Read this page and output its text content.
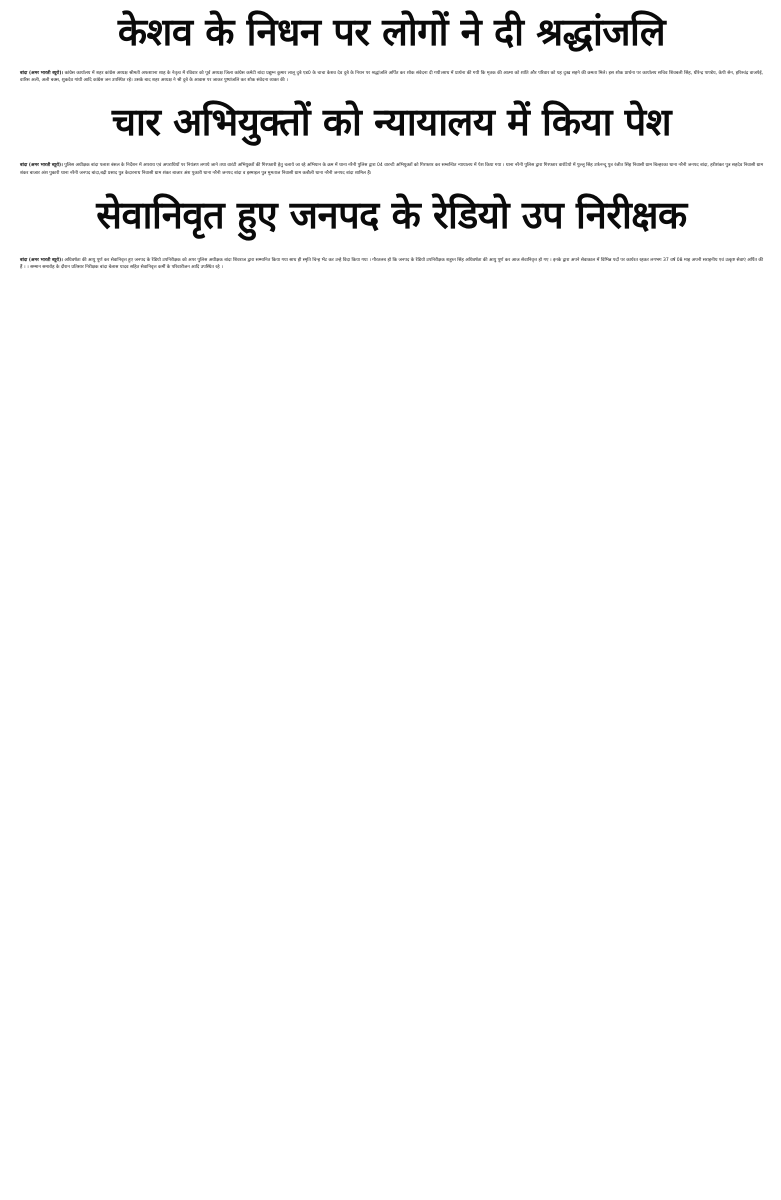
केशव के निधन पर लोगों ने दी श्रद्धांजलि

बांदा (अमर भारती ब्यूरो)। कांग्रेस कार्यालय में शहर कांग्रेस अध्यक्ष श्रीमती अफशााना शाह के नेतृत्व में रविवार को पूर्व अध्यक्ष जिला कांग्रेस कमेटी बांदा प्रद्युम्न कुमार लालू दुबे एड0 के चाचा केशव देव दुबे के निधन पर श्रद्धांजलि अर्पित कर शोक संवेदना दी गयी।साथ में प्रार्थना की गयी कि मृतक की आत्मा को शांति और परिवार को यह दुःख सहने की छमता मिले। इस शोक प्रार्थना पर कार्यालय सचिव शिवबली सिंह, धीरेन्द्र पाण्डेय, केपी सेन, हरिश्चंद्र वाजपेई, वारिस अली, अली बक्स, शुकदेव गांधी आदि कांग्रेस जन उपस्थित रहे। उसके बाद शहर अध्यक्ष ने श्री दुबे के आवास पर जाकर पुष्पांजलि कर शोक संवेदना व्यक्त की ।

चार अभियुक्तों को न्यायालय में किया पेश

बांदा (अमर भारती ब्यूरो)। पुलिस अधीक्षक बांदा पलाश बंसल के निर्देशन में अपराध एवं अपराधियों पर नियंत्रण लगाये जाने तथा वारंटी अभियुक्तों की गिरफ्तारी हेतु चलाये जा रहे अभियान के क्रम में थाना नरैनी पुलिस द्वारा 04 वारन्टी अभियुक्तों को गिरफ्तार कर सम्बन्धित न्यायालय में पेश किया गया । थाना नरैनी पुलिस द्वारा गिरफ्तार वारंटियो में पुल्लू सिंह उर्फनन्दू पुत्र रंजीत सिंह निवासी ग्राम बिल्हरका थाना नरैनी जनपद बांदा, हरीशंकर पुत्र सहदेव निवासी ग्राम शंकर बाजार अंश पुकारी थाना नरैनी जनपद बांदा,बद्री प्रसाद पुत्र केदारनाथ निवासी ग्राम शंकर बाजार अंश पुकारी थाना नरैनी जनपद बांदा व इस्माइल पुत्र मुमताज निवासी ग्राम कबौली थाना नरैनी जनपद बांदा शामिल हैं।

सेवानिवृत हुए जनपद के रेडियो उप निरीक्षक

बांदा (अमर भारती ब्यूरो)। अधिवर्षता की आयु पूर्ण कर सेवानिवृत्त हुए जनपद के रेडियो उपनिरीक्षक को अपर पुलिस अधीक्षक बांदा शिवराज द्वारा सम्मानित किया गया साथ ही स्मृति चिन्ह भेंट कर उन्हे विदा किया गया । गौरतलब हो कि जनपद के रेडियो उपनिरीक्षक शत्रुघ्न सिंह अधिवर्षता की आयु पूर्ण कर आज सेवानिवृत्त हो गए । इनके द्वारा अपने सेवाकाल में विभिन्न पदों पर कार्यरत रहकर लगभग 37 वर्ष 08 माह अपनी सराहनीय एवं उत्कृष्ट सेवाएं अर्पित की हैं । । सम्मान समारोह के दौरान प्रतिसार निरीक्षक बांदा बेलास यादव सहित सेवानिवृत्त कर्मी के परिवारीजन आदि उपस्थित रहे ।
